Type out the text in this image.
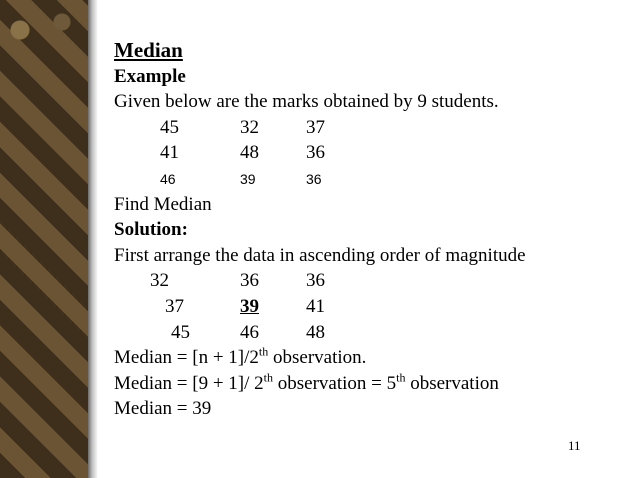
Median
Example
Given below are the marks obtained by 9 students.
45	32 37
41	48 36
46	39	36
Find Median
Solution:
First arrange the data in ascending order of magnitude
32	36 36
37	39 41
45	46 48
Median = [n + 1]/2th observation.
Median = [9 + 1]/ 2th observation = 5th observation
Median = 39
11
